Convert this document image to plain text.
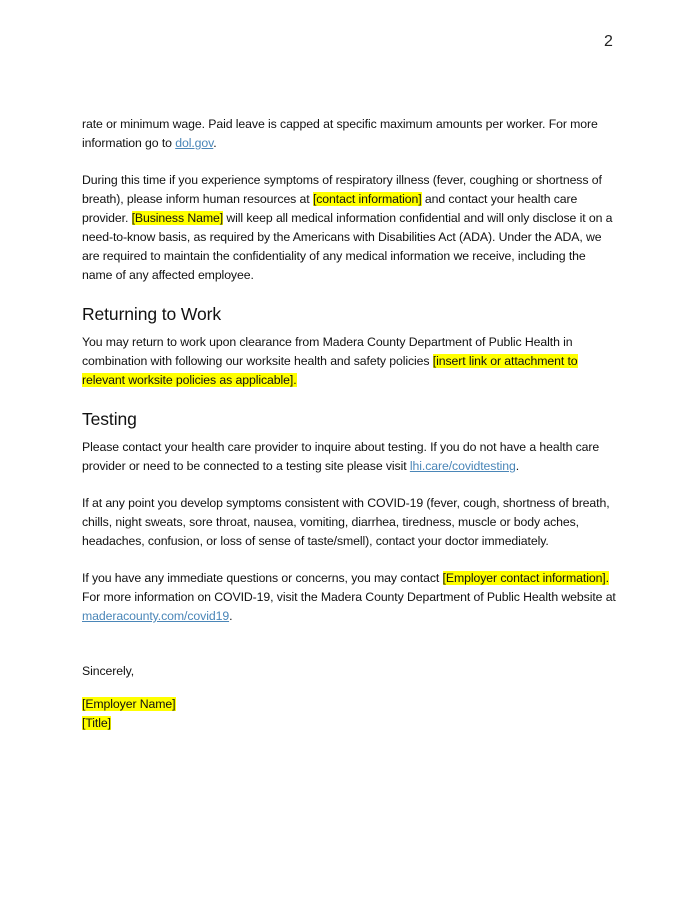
2

rate or minimum wage. Paid leave is capped at specific maximum amounts per worker. For more information go to dol.gov.

During this time if you experience symptoms of respiratory illness (fever, coughing or shortness of breath), please inform human resources at [contact information] and contact your health care provider. [Business Name] will keep all medical information confidential and will only disclose it on a need-to-know basis, as required by the Americans with Disabilities Act (ADA). Under the ADA, we are required to maintain the confidentiality of any medical information we receive, including the name of any affected employee.

Returning to Work

You may return to work upon clearance from Madera County Department of Public Health in combination with following our worksite health and safety policies [insert link or attachment to relevant worksite policies as applicable].

Testing

Please contact your health care provider to inquire about testing. If you do not have a health care provider or need to be connected to a testing site please visit lhi.care/covidtesting.

If at any point you develop symptoms consistent with COVID-19 (fever, cough, shortness of breath, chills, night sweats, sore throat, nausea, vomiting, diarrhea, tiredness, muscle or body aches, headaches, confusion, or loss of sense of taste/smell), contact your doctor immediately.

If you have any immediate questions or concerns, you may contact [Employer contact information]. For more information on COVID-19, visit the Madera County Department of Public Health website at maderacounty.com/covid19.

Sincerely,

[Employer Name]
[Title]
